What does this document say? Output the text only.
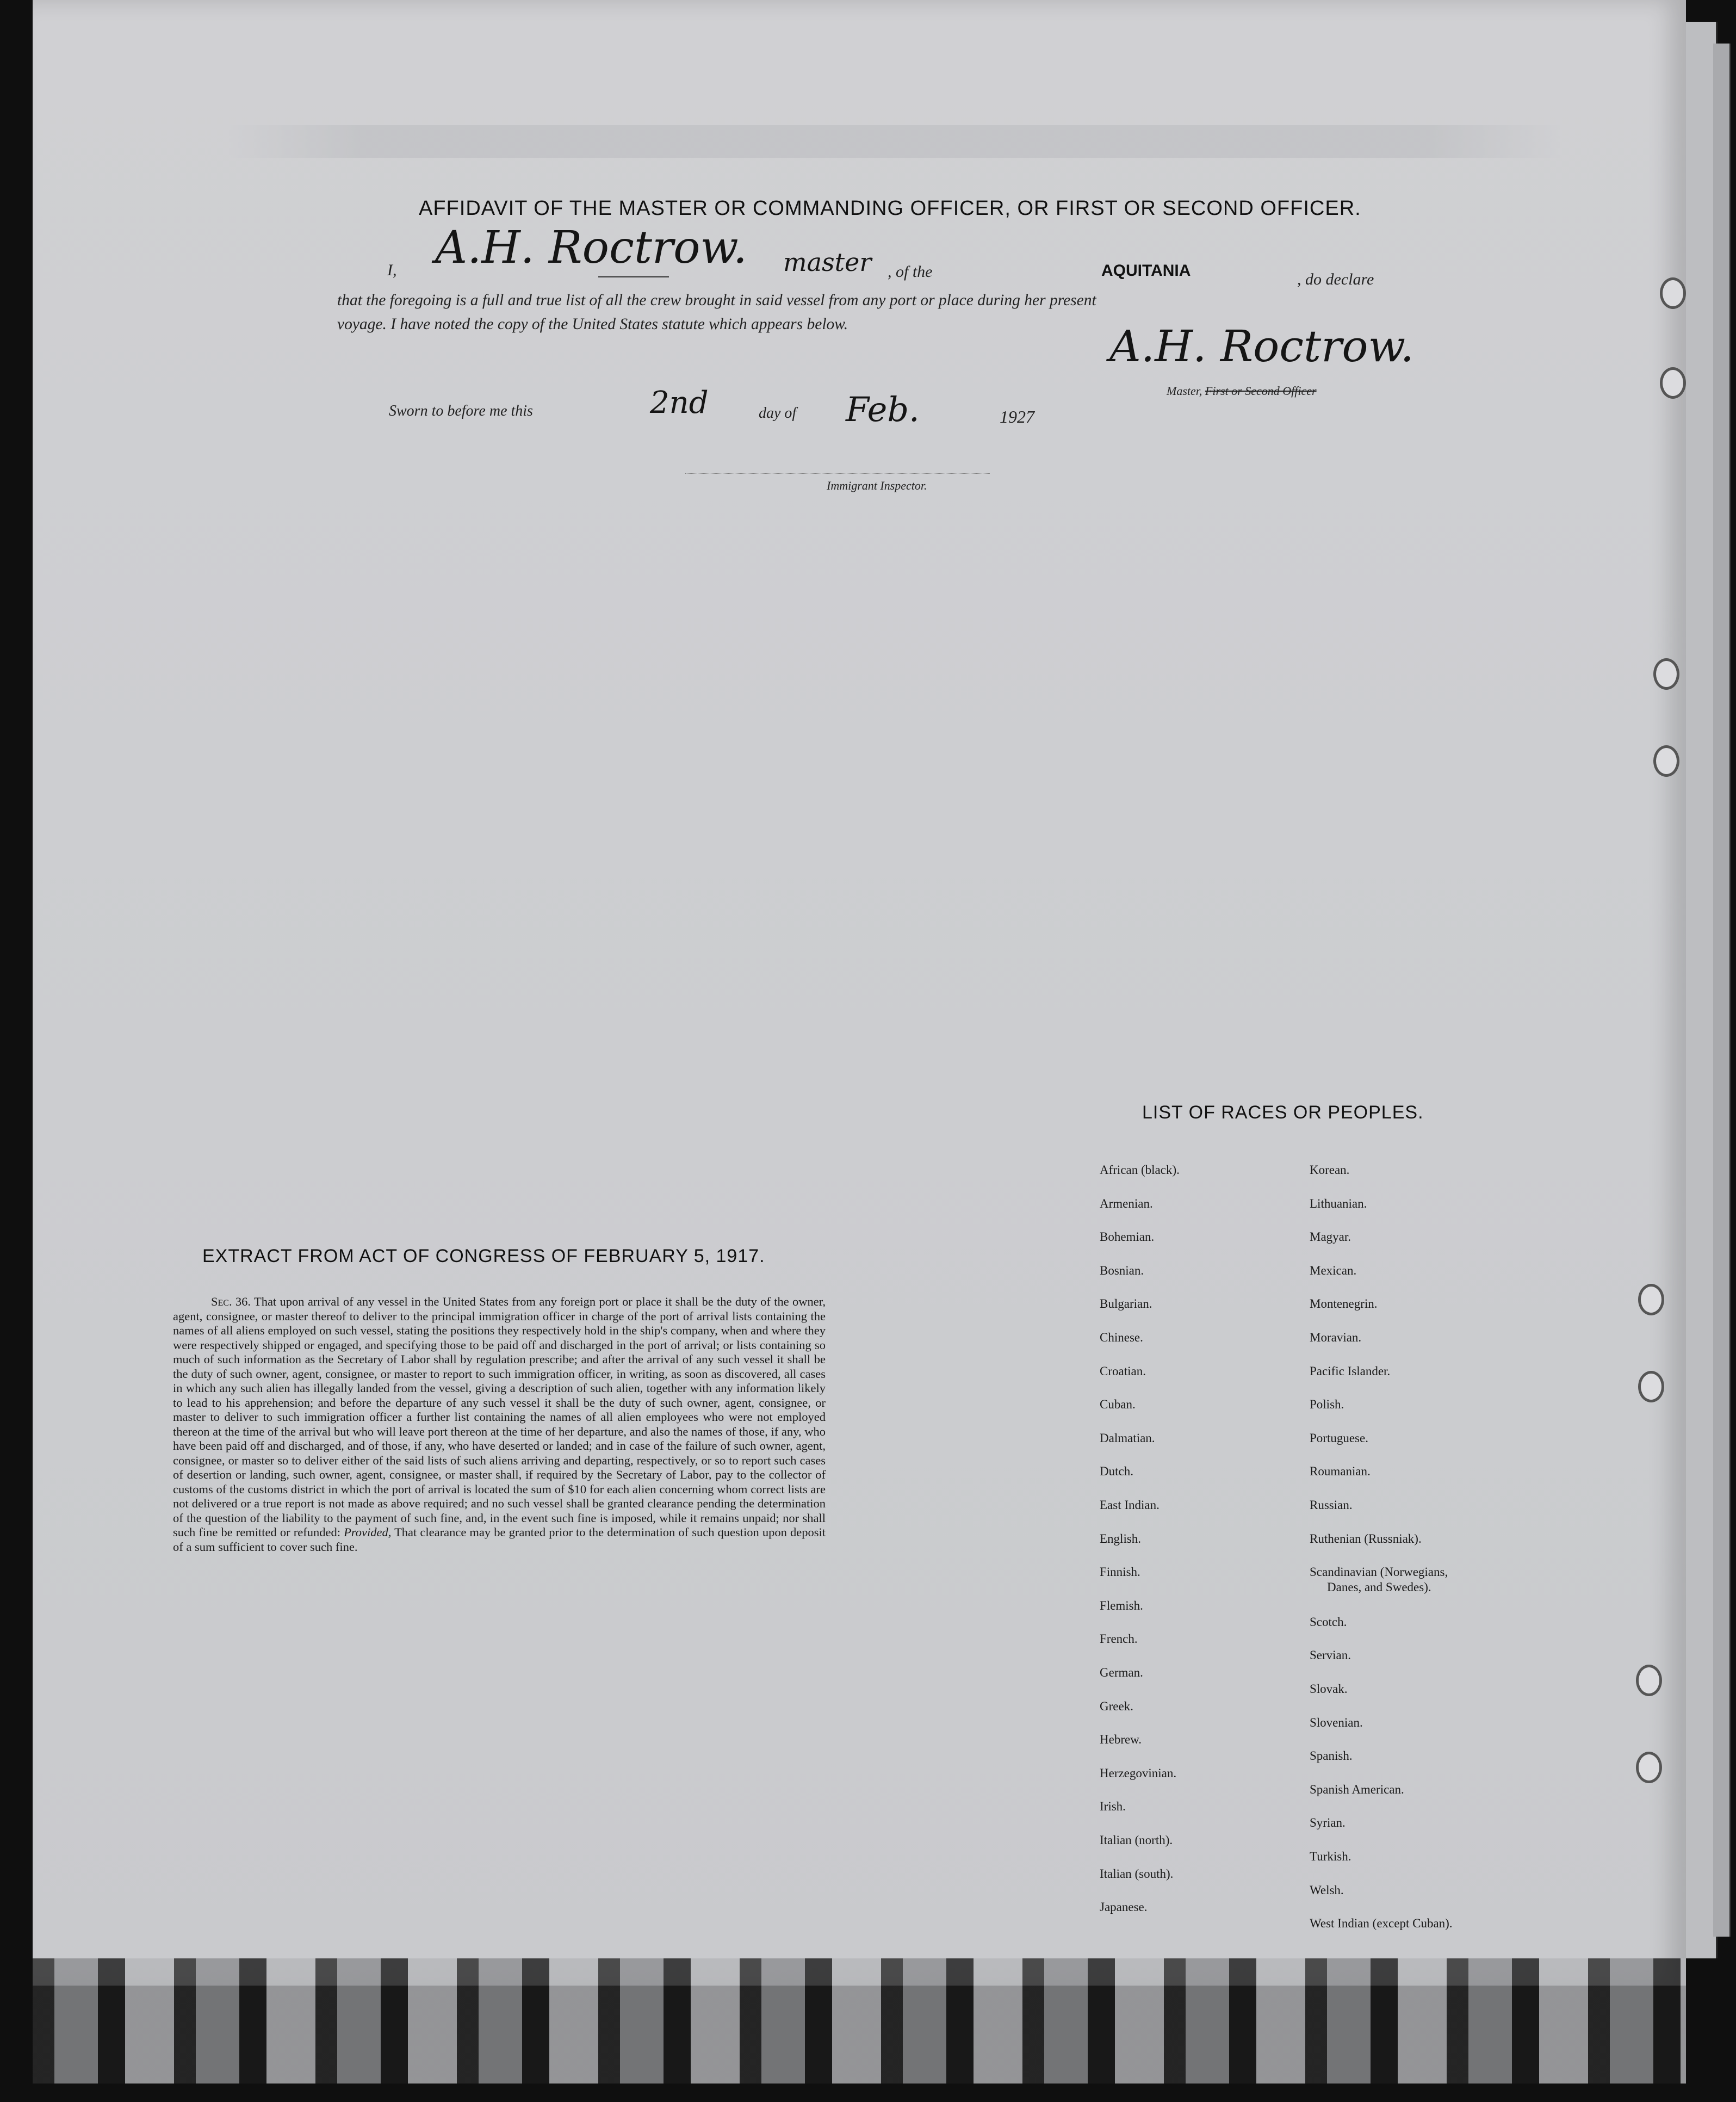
AFFIDAVIT OF THE MASTER OR COMMANDING OFFICER, OR FIRST OR SECOND OFFICER.
I, A.H. Roctrow. master , of the	AQUITANIA	, do declare
that the foregoing is a full and true list of all the crew brought in said vessel from any port or place during her present
voyage. I have noted the copy of the United States statute which appears below.	A.H. Roctrow.
Master, First or Second Officer
Sworn to before me this	2nd	day of Feb.	1927
Immigrant Inspector.
LIST OF RACES OR PEOPLES.
African (black).
Armenian.
Bohemian.
Bosnian.
Bulgarian.
Chinese.
Croatian.
Cuban.
Dalmatian.
Dutch.
East Indian.
English.
Finnish.
Flemish.
French.
German.
Greek.
Hebrew.
Herzegovinian.
Irish.
Italian (north).
Italian (south).
Japanese.
Korean.
Lithuanian.
Magyar.
Mexican.
Montenegrin.
Moravian.
Pacific Islander.
Polish.
Portuguese.
Roumanian.
Russian.
Ruthenian (Russniak).
Scandinavian (Norwegians,
Danes, and Swedes).
Scotch.
Servian.
Slovak.
Slovenian.
Spanish.
Spanish American.
Syrian.
Turkish.
Welsh.
West Indian (except Cuban).
EXTRACT FROM ACT OF CONGRESS OF FEBRUARY 5, 1917.
Sec. 36. That upon arrival of any vessel in the United States from any foreign port or place it shall be the duty of the owner, agent, consignee, or master thereof to deliver to the principal immigration officer in charge of the port of arrival lists containing the names of all aliens employed on such vessel, stating the positions they respectively hold in the ship's company, when and where they were respectively shipped or engaged, and specifying those to be paid off and discharged in the port of arrival; or lists containing so much of such information as the Secretary of Labor shall by regulation prescribe; and after the arrival of any such vessel it shall be the duty of such owner, agent, consignee, or master to report to such immigration officer, in writing, as soon as discovered, all cases in which any such alien has illegally landed from the vessel, giving a description of such alien, together with any information likely to lead to his apprehension; and before the departure of any such vessel it shall be the duty of such owner, agent, consignee, or master to deliver to such immigration officer a further list containing the names of all alien employees who were not employed thereon at the time of the arrival but who will leave port thereon at the time of her departure, and also the names of those, if any, who have been paid off and discharged, and of those, if any, who have deserted or landed; and in case of the failure of such owner, agent, consignee, or master so to deliver either of the said lists of such aliens arriving and departing, respectively, or so to report such cases of desertion or landing, such owner, agent, consignee, or master shall, if required by the Secretary of Labor, pay to the collector of customs of the customs district in which the port of arrival is located the sum of $10 for each alien concerning whom correct lists are not delivered or a true report is not made as above required; and no such vessel shall be granted clearance pending the determination of the question of the liability to the payment of such fine, and, in the event such fine is imposed, while it remains unpaid; nor shall such fine be remitted or refunded: Provided, That clearance may be granted prior to the determination of such question upon deposit of a sum sufficient to cover such fine.
